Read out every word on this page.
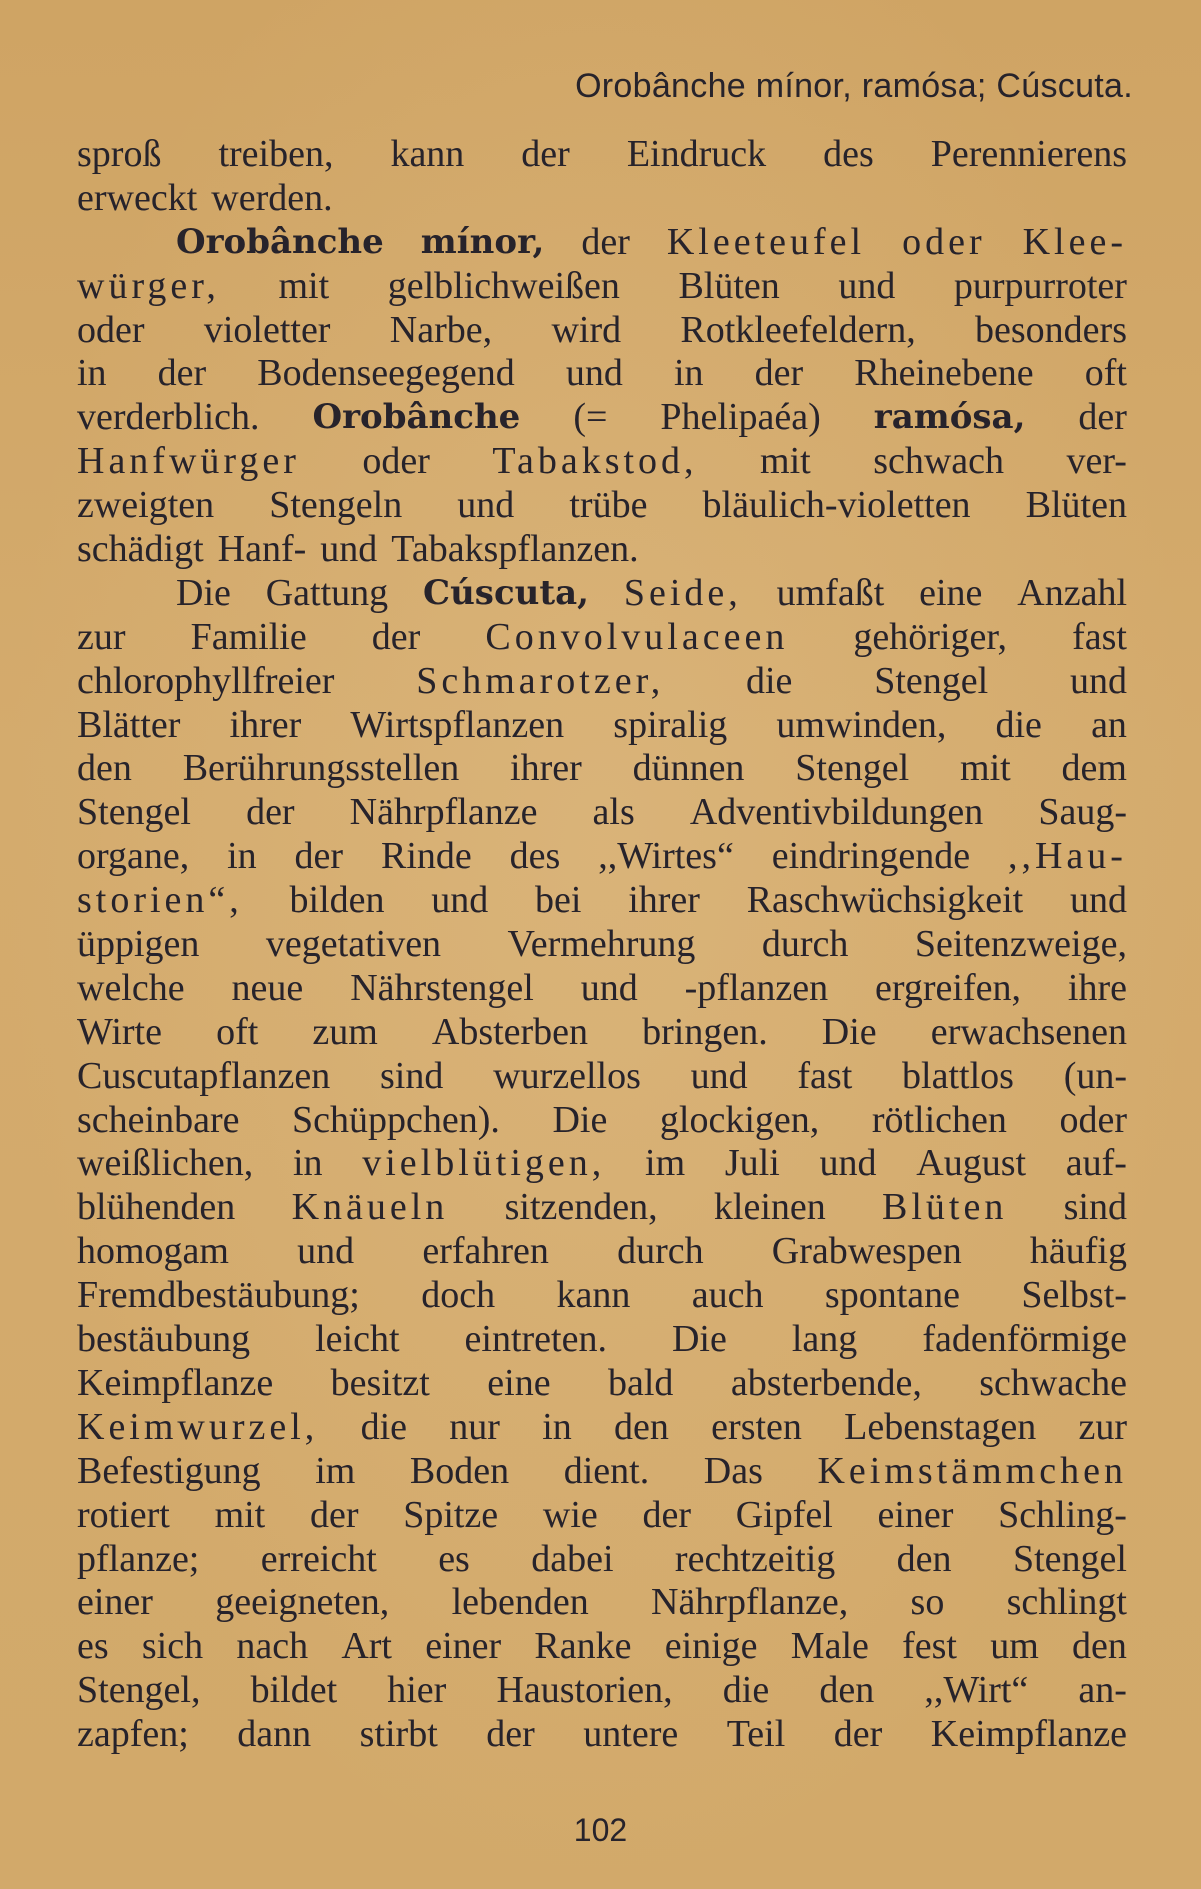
Orobânche mínor, ramósa; Cúscuta.
sproß treiben, kann der Eindruck des Perennierens
erweckt werden.
Orobânche mínor, der Kleeteufel oder Klee-
würger, mit gelblichweißen Blüten und purpurroter
oder violetter Narbe, wird Rotkleefeldern, besonders
in der Bodenseegegend und in der Rheinebene oft
verderblich. Orobânche (= Phelipaéa) ramósa, der
Hanfwürger oder Tabakstod, mit schwach ver-
zweigten Stengeln und trübe bläulich-violetten Blüten
schädigt Hanf- und Tabakspflanzen.
Die Gattung Cúscuta, Seide, umfaßt eine Anzahl
zur Familie der Convolvulaceen gehöriger, fast
chlorophyllfreier Schmarotzer, die Stengel und
Blätter ihrer Wirtspflanzen spiralig umwinden, die an
den Berührungsstellen ihrer dünnen Stengel mit dem
Stengel der Nährpflanze als Adventivbildungen Saug-
organe, in der Rinde des ,,Wirtes“ eindringende ,,Hau-
storien“, bilden und bei ihrer Raschwüchsigkeit und
üppigen vegetativen Vermehrung durch Seitenzweige,
welche neue Nährstengel und -pflanzen ergreifen, ihre
Wirte oft zum Absterben bringen. Die erwachsenen
Cuscutapflanzen sind wurzellos und fast blattlos (un-
scheinbare Schüppchen). Die glockigen, rötlichen oder
weißlichen, in vielblütigen, im Juli und August auf-
blühenden Knäueln sitzenden, kleinen Blüten sind
homogam und erfahren durch Grabwespen häufig
Fremdbestäubung; doch kann auch spontane Selbst-
bestäubung leicht eintreten. Die lang fadenförmige
Keimpflanze besitzt eine bald absterbende, schwache
Keimwurzel, die nur in den ersten Lebenstagen zur
Befestigung im Boden dient. Das Keimstämmchen
rotiert mit der Spitze wie der Gipfel einer Schling-
pflanze; erreicht es dabei rechtzeitig den Stengel
einer geeigneten, lebenden Nährpflanze, so schlingt
es sich nach Art einer Ranke einige Male fest um den
Stengel, bildet hier Haustorien, die den ,,Wirt“ an-
zapfen; dann stirbt der untere Teil der Keimpflanze
102
